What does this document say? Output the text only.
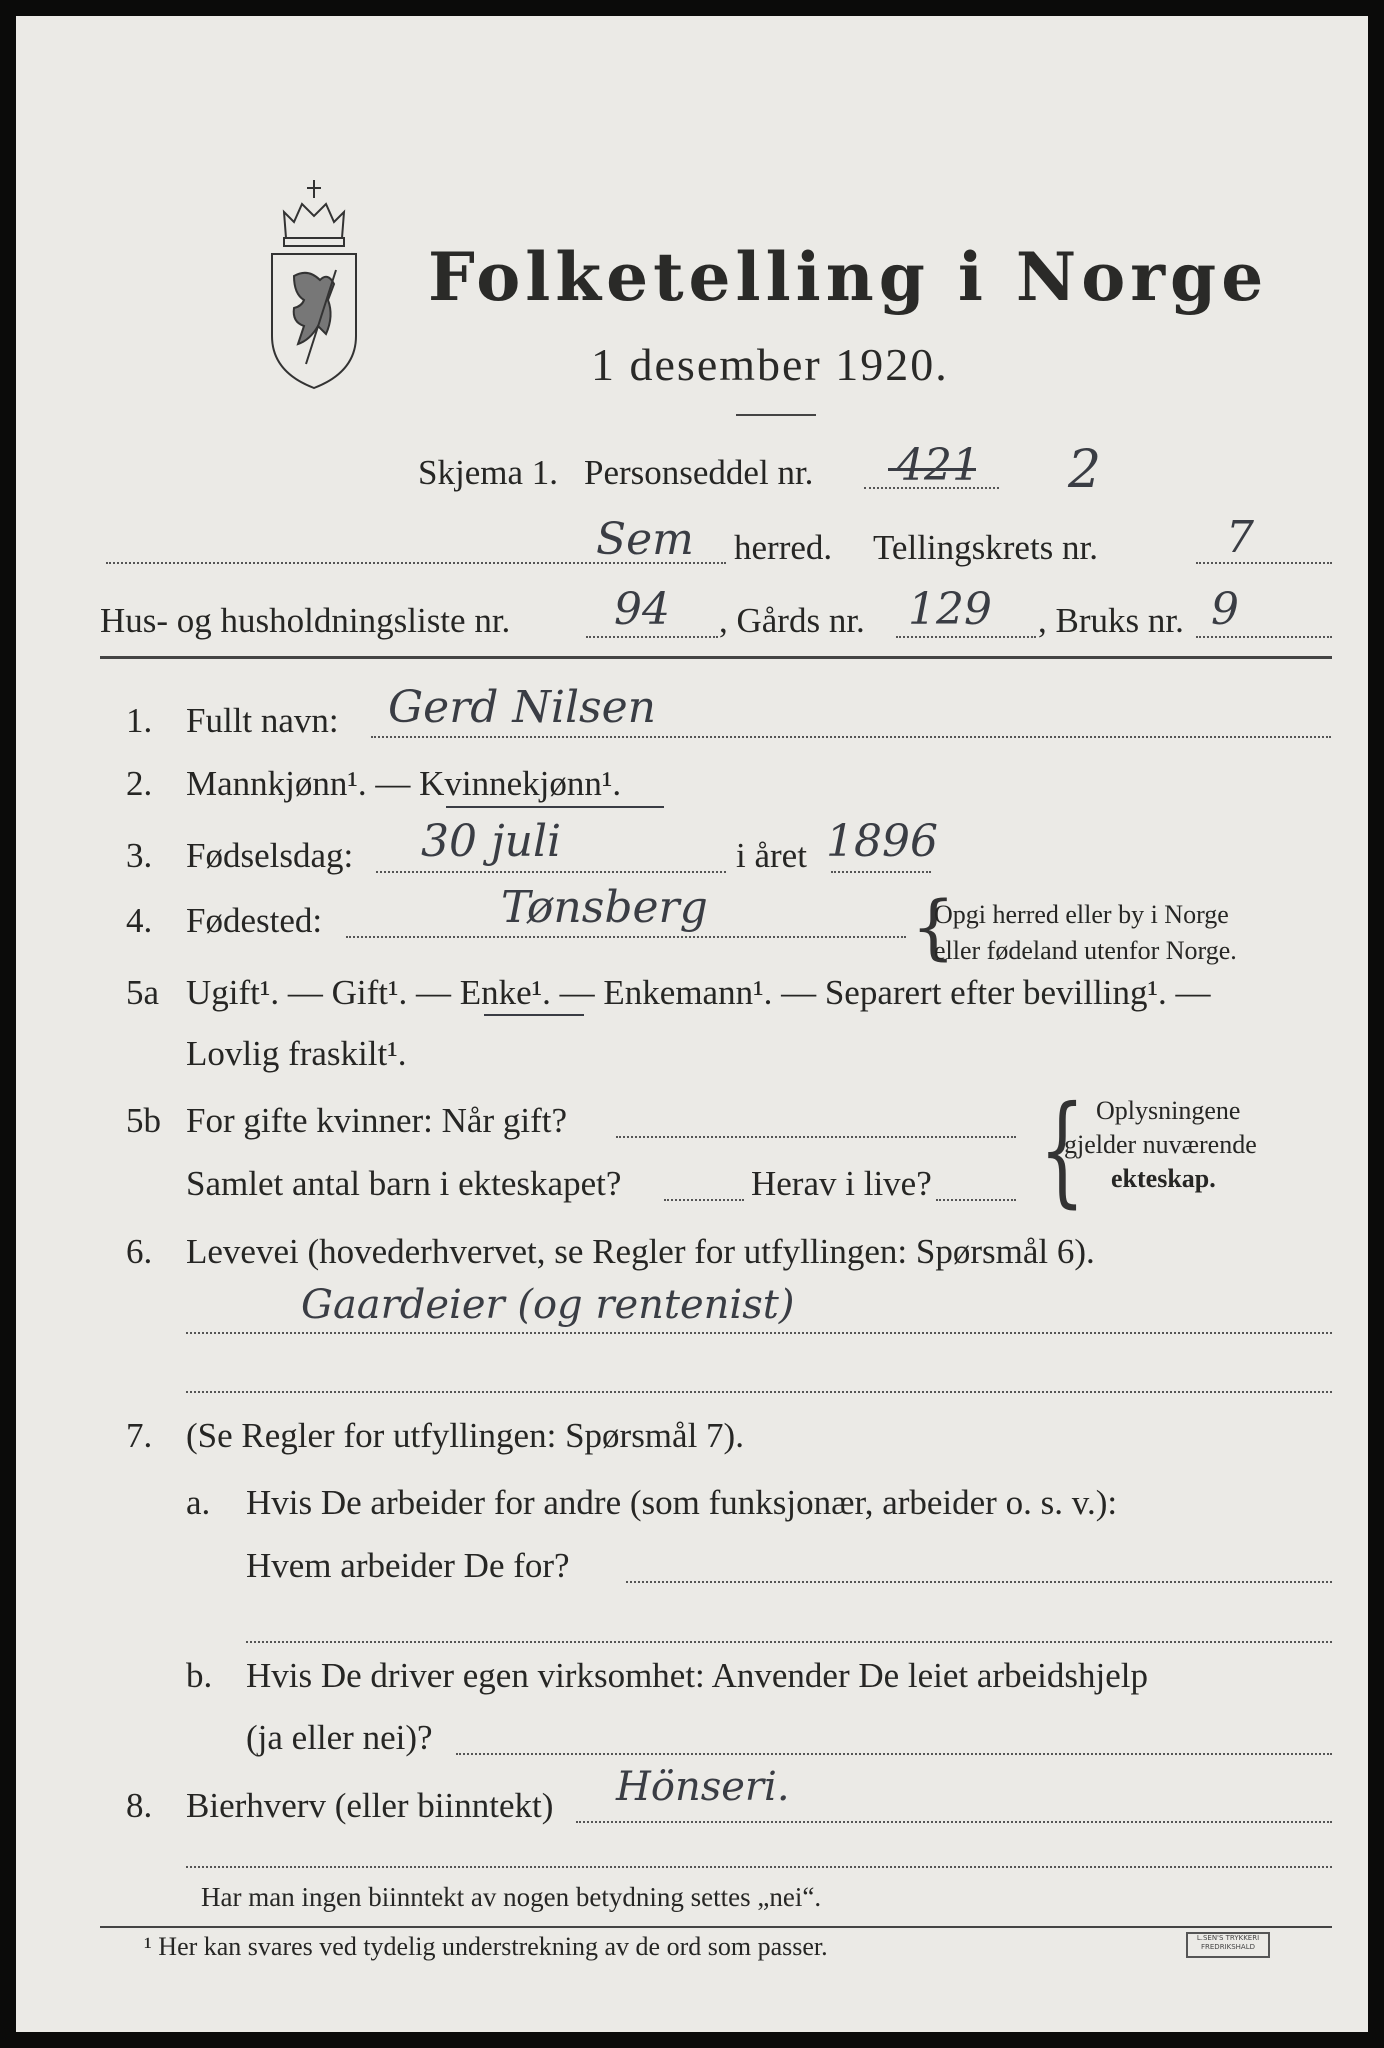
Folketelling i Norge
1 desember 1920.
Skjema 1. Personseddel nr. 421 2
Sem herred. Tellingskrets nr.	7
Hus- og husholdningsliste nr. 94 , Gårds nr. 129 , Bruks nr. 9
1. Fullt navn: Gerd Nilsen
2. Mannkjønn¹. — Kvinnekjønn¹.
3. Fødselsdag: 30 juli	i året 1896
4. Fødested:	Tønsberg	{
Opgi herred eller by i Norge
eller fødeland utenfor Norge.
5a Ugift¹. — Gift¹. — Enke¹. — Enkemann¹. — Separert efter bevilling¹. —
Lovlig fraskilt¹.
5b For gifte kvinner: Når gift?
Samlet antal barn i ekteskapet?	Herav i live? { Oplysningene
gjelder nuværende
ekteskap.
6. Levevei (hovederhvervet, se Regler for utfyllingen: Spørsmål 6).
Gaardeier (og rentenist)
7. (Se Regler for utfyllingen: Spørsmål 7).
a. Hvis De arbeider for andre (som funksjonær, arbeider o. s. v.):
Hvem arbeider De for?
b. Hvis De driver egen virksomhet: Anvender De leiet arbeidshjelp
(ja eller nei)?
8. Bierhverv (eller biinntekt) Hönseri.
Har man ingen biinntekt av nogen betydning settes „nei“.
¹ Her kan svares ved tydelig understrekning av de ord som passer.	L.SEN'S TRYKKERI FREDRIKSHALD
